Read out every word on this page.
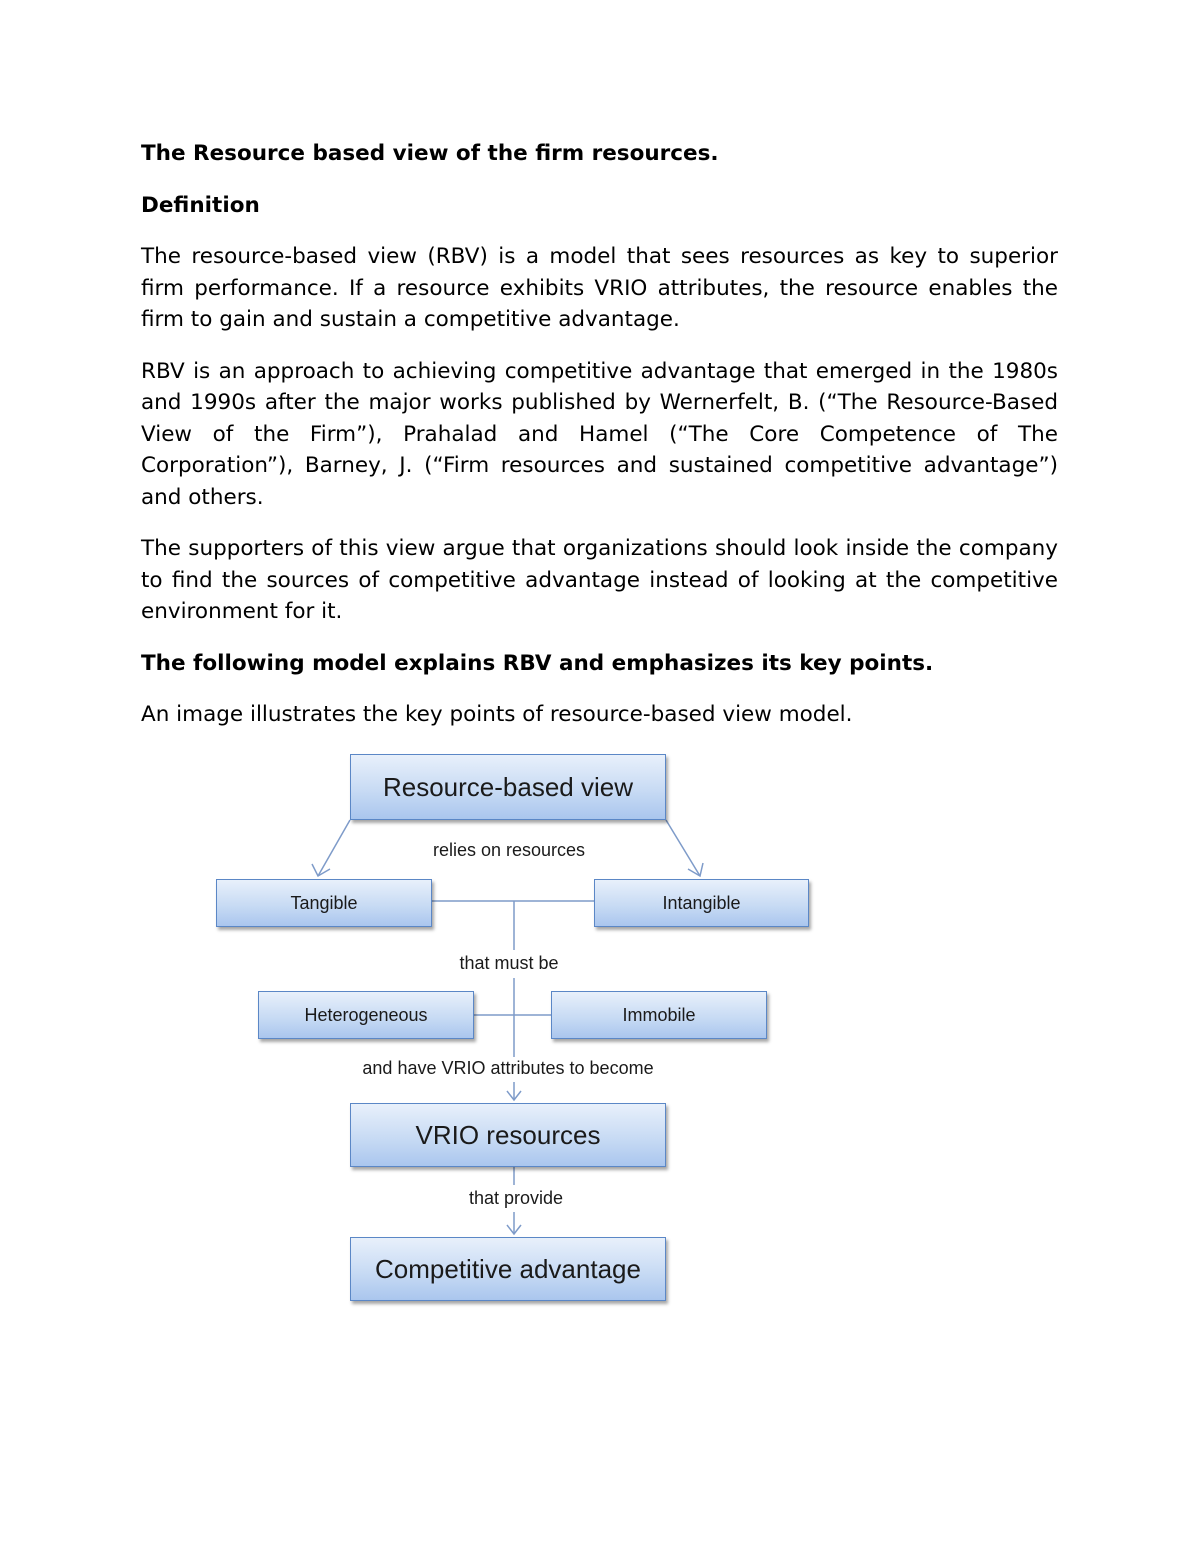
The Resource based view of the firm resources.

Definition

The resource-based view (RBV) is a model that sees resources as key to superior firm performance. If a resource exhibits VRIO attributes, the resource enables the firm to gain and sustain a competitive advantage.

RBV is an approach to achieving competitive advantage that emerged in the 1980s and 1990s after the major works published by Wernerfelt, B. (“The Resource-Based View of the Firm”), Prahalad and Hamel (“The Core Competence of The Corporation”), Barney, J. (“Firm resources and sustained competitive advantage”) and others.

The supporters of this view argue that organizations should look inside the company to find the sources of competitive advantage instead of looking at the competitive environment for it.

The following model explains RBV and emphasizes its key points.

An image illustrates the key points of resource-based view model.

Resource-based view
relies on resources
Tangible	Intangible
that must be
Heterogeneous	Immobile
and have VRIO attributes to become
VRIO resources
that provide
Competitive advantage
